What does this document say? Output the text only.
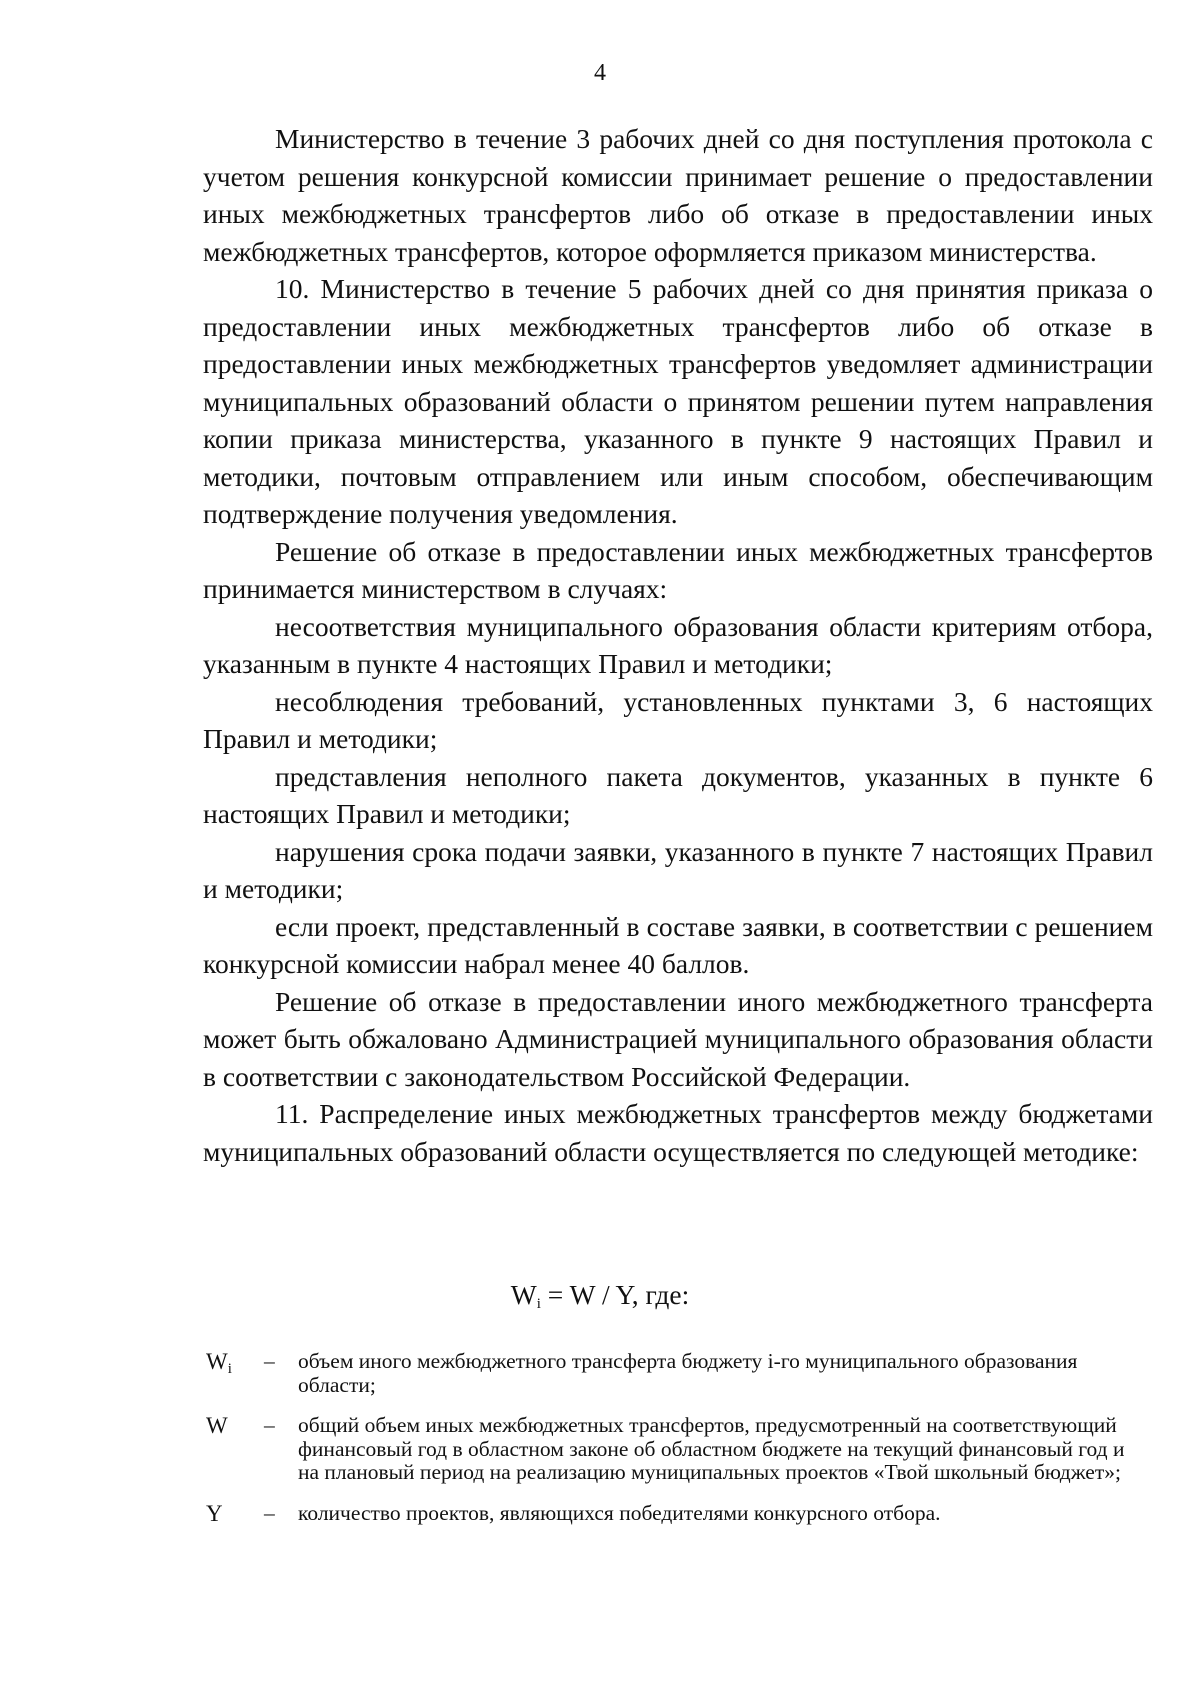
4

Министерство в течение 3 рабочих дней со дня поступления протокола с учетом решения конкурсной комиссии принимает решение о предоставлении иных межбюджетных трансфертов либо об отказе в предоставлении иных межбюджетных трансфертов, которое оформляется приказом министерства.

10. Министерство в течение 5 рабочих дней со дня принятия приказа о предоставлении иных межбюджетных трансфертов либо об отказе в предоставлении иных межбюджетных трансфертов уведомляет администрации муниципальных образований области о принятом решении путем направления копии приказа министерства, указанного в пункте 9 настоящих Правил и методики, почтовым отправлением или иным способом, обеспечивающим подтверждение получения уведомления.

Решение об отказе в предоставлении иных межбюджетных трансфертов принимается министерством в случаях:

несоответствия муниципального образования области критериям отбора, указанным в пункте 4 настоящих Правил и методики;

несоблюдения требований, установленных пунктами 3, 6 настоящих Правил и методики;

представления неполного пакета документов, указанных в пункте 6 настоящих Правил и методики;

нарушения срока подачи заявки, указанного в пункте 7 настоящих Правил и методики;

если проект, представленный в составе заявки, в соответствии с решением конкурсной комиссии набрал менее 40 баллов.

Решение об отказе в предоставлении иного межбюджетного трансферта может быть обжаловано Администрацией муниципального образования области в соответствии с законодательством Российской Федерации.

11. Распределение иных межбюджетных трансфертов между бюджетами муниципальных образований области осуществляется по следующей методике:

$W_i = W / Y$, где:
$W_i$	–	объем иного межбюджетного трансферта бюджету i-го муниципального образования области;
W	–	общий объем иных межбюджетных трансфертов, предусмотренный на соответствующий финансовый год в областном законе об областном бюджете на текущий финансовый год и на плановый период на реализацию муниципальных проектов «Твой школьный бюджет»;
Y	–	количество проектов, являющихся победителями конкурсного отбора.
